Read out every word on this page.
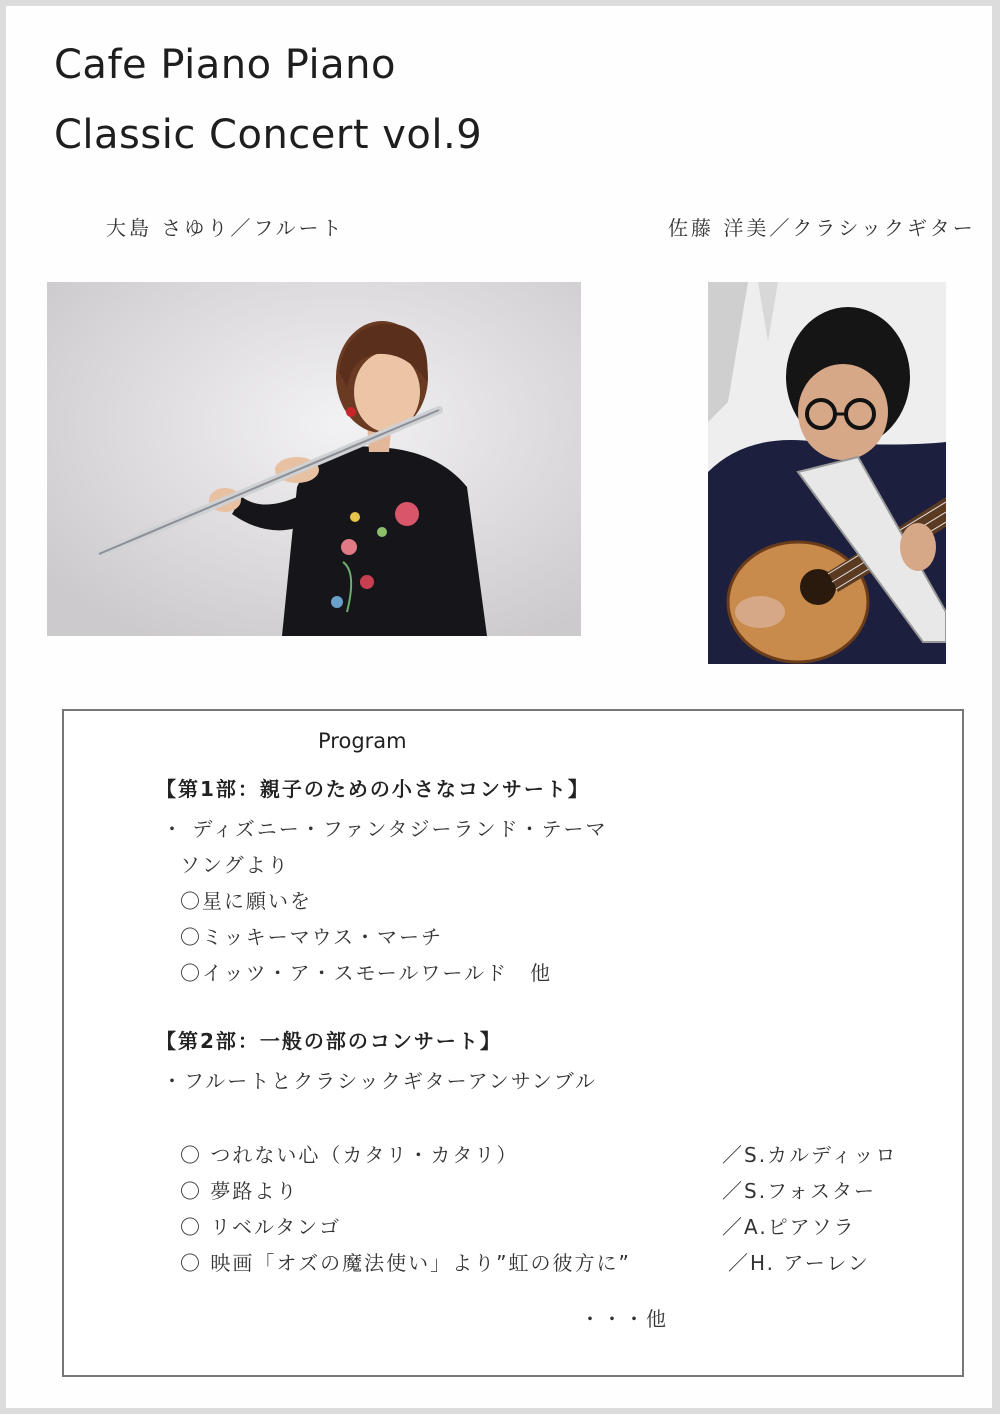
Cafe Piano Piano
Classic Concert vol.9
大島 さゆり／フルート	佐藤 洋美／クラシックギター
Program
【第1部：親子のための小さなコンサート】
・ ディズニー・ファンタジーランド・テーマ
ソングより
〇星に願いを
〇ミッキーマウス・マーチ
〇イッツ・ア・スモールワールド　他
【第2部：一般の部のコンサート】
・フルートとクラシックギターアンサンブル
〇 つれない心（カタリ・カタリ）	／S.カルディッロ
〇 夢路より	／S.フォスター
〇 リベルタンゴ	／A.ピアソラ
〇 映画「オズの魔法使い」より”虹の彼方に”	／H. アーレン
・・・他
